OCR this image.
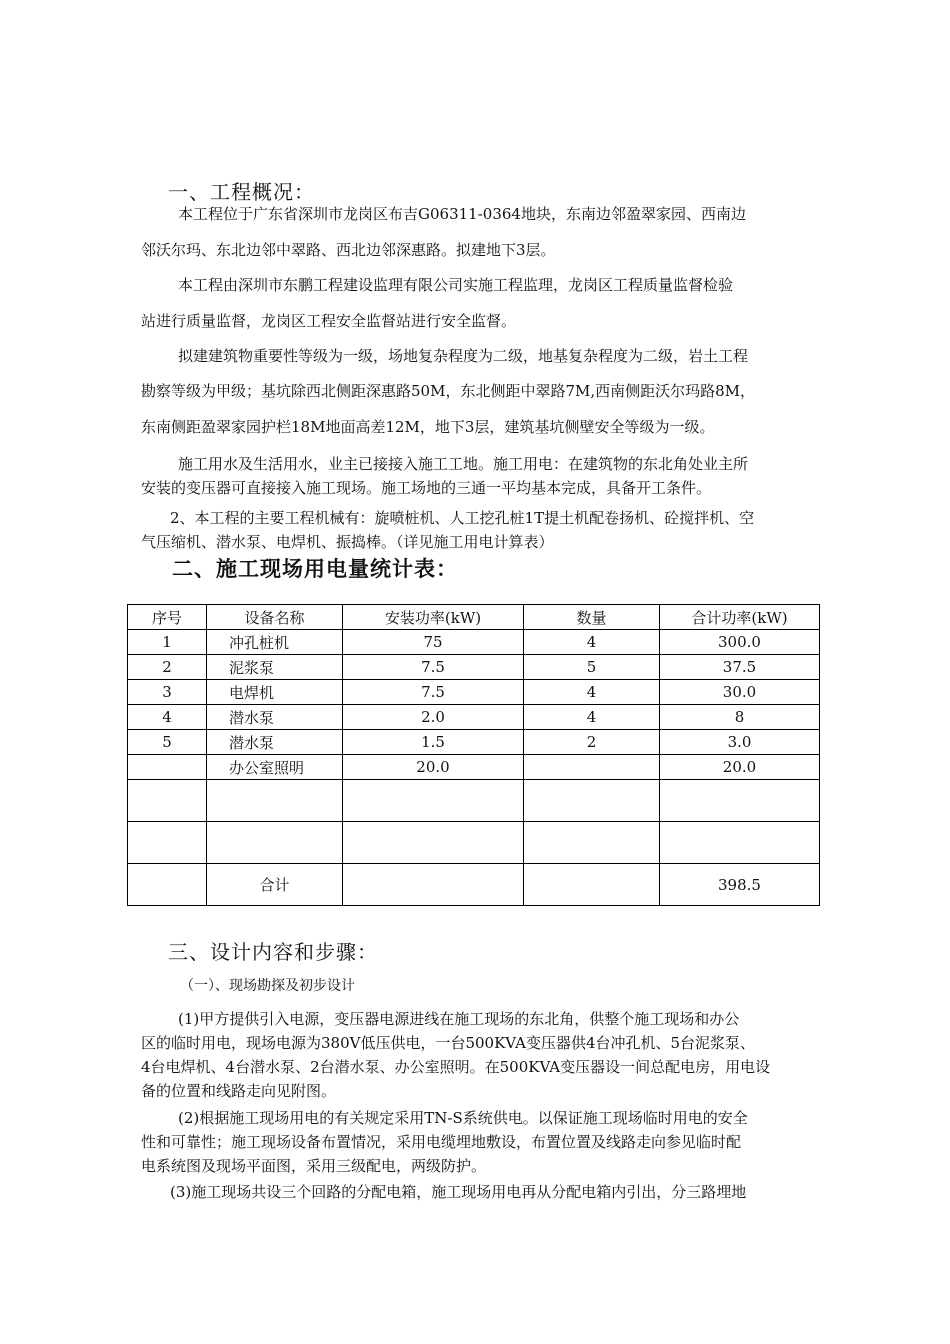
一、工程概况：
本工程位于广东省深圳市龙岗区布吉G06311-0364地块，东南边邻盈翠家园、西南边
邻沃尔玛、东北边邻中翠路、西北边邻深惠路。拟建地下3层。
本工程由深圳市东鹏工程建设监理有限公司实施工程监理，龙岗区工程质量监督检验
站进行质量监督，龙岗区工程安全监督站进行安全监督。
拟建建筑物重要性等级为一级，场地复杂程度为二级，地基复杂程度为二级，岩土工程
勘察等级为甲级；基坑除西北侧距深惠路50M，东北侧距中翠路7M,西南侧距沃尔玛路8M，
东南侧距盈翠家园护栏18M地面高差12M，地下3层，建筑基坑侧壁安全等级为一级。
施工用水及生活用水，业主已接接入施工工地。施工用电：在建筑物的东北角处业主所
安装的变压器可直接接入施工现场。施工场地的三通一平均基本完成，具备开工条件。
2、本工程的主要工程机械有：旋喷桩机、人工挖孔桩1T提土机配卷扬机、砼搅拌机、空
气压缩机、潜水泵、电焊机、振捣棒。（详见施工用电计算表）
二、施工现场用电量统计表：
序号	设备名称	安装功率(kW)	数量	合计功率(kW)
1	冲孔桩机	75	4	300.0
2	泥浆泵	7.5	5	37.5
3	电焊机	7.5	4	30.0
4	潜水泵	2.0	4	8
5	潜水泵	1.5	2	3.0
	办公室照明	20.0		20.0

	合计			398.5
三、设计内容和步骤：
（一）、现场勘探及初步设计
(1)甲方提供引入电源，变压器电源进线在施工现场的东北角，供整个施工现场和办公
区的临时用电，现场电源为380V低压供电，一台500KVA变压器供4台冲孔机、5台泥浆泵、
4台电焊机、4台潜水泵、2台潜水泵、办公室照明。在500KVA变压器设一间总配电房，用电设
备的位置和线路走向见附图。
(2)根据施工现场用电的有关规定采用TN-S系统供电。以保证施工现场临时用电的安全
性和可靠性；施工现场设备布置情况，采用电缆埋地敷设，布置位置及线路走向参见临时配
电系统图及现场平面图，采用三级配电，两级防护。
(3)施工现场共设三个回路的分配电箱，施工现场用电再从分配电箱内引出，分三路埋地
